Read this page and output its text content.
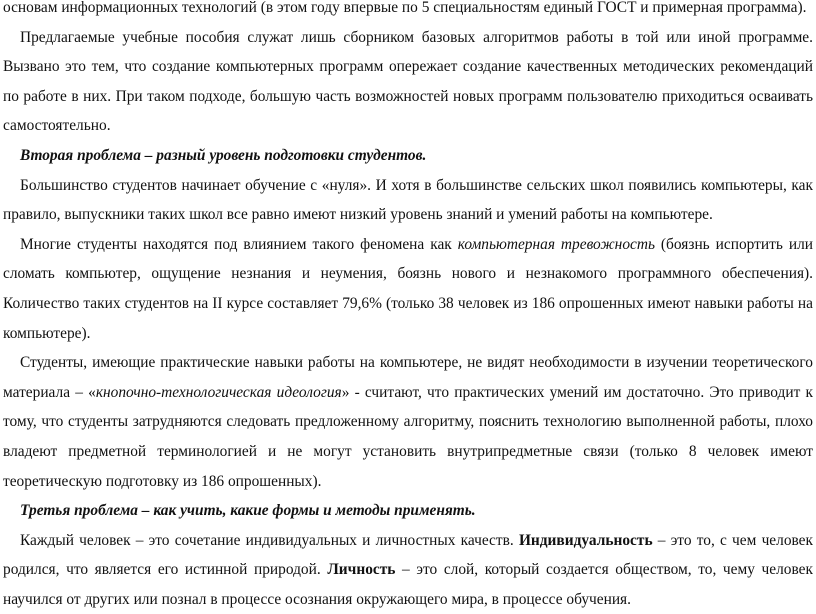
основам информационных технологий (в этом году впервые по 5 специальностям единый ГОСТ и примерная программа).

Предлагаемые учебные пособия служат лишь сборником базовых алгоритмов работы в той или иной программе. Вызвано это тем, что создание компьютерных программ опережает создание качественных методических рекомендаций по работе в них. При таком подходе, большую часть возможностей новых программ пользователю приходиться осваивать самостоятельно.

Вторая проблема – разный уровень подготовки студентов.

Большинство студентов начинает обучение с «нуля». И хотя в большинстве сельских школ появились компьютеры, как правило, выпускники таких школ все равно имеют низкий уровень знаний и умений работы на компьютере.

Многие студенты находятся под влиянием такого феномена как компьютерная тревожность (боязнь испортить или сломать компьютер, ощущение незнания и неумения, боязнь нового и незнакомого программного обеспечения). Количество таких студентов на II курсе составляет 79,6% (только 38 человек из 186 опрошенных имеют навыки работы на компьютере).

Студенты, имеющие практические навыки работы на компьютере, не видят необходимости в изучении теоретического материала – «кнопочно-технологическая идеология» - считают, что практических умений им достаточно. Это приводит к тому, что студенты затрудняются следовать предложенному алгоритму, пояснить технологию выполненной работы, плохо владеют предметной терминологией и не могут установить внутрипредметные связи (только 8 человек имеют теоретическую подготовку из 186 опрошенных).

Третья проблема – как учить, какие формы и методы применять.

Каждый человек – это сочетание индивидуальных и личностных качеств. Индивидуальность – это то, с чем человек родился, что является его истинной природой. Личность – это слой, который создается обществом, то, чему человек научился от других или познал в процессе осознания окружающего мира, в процессе обучения.
